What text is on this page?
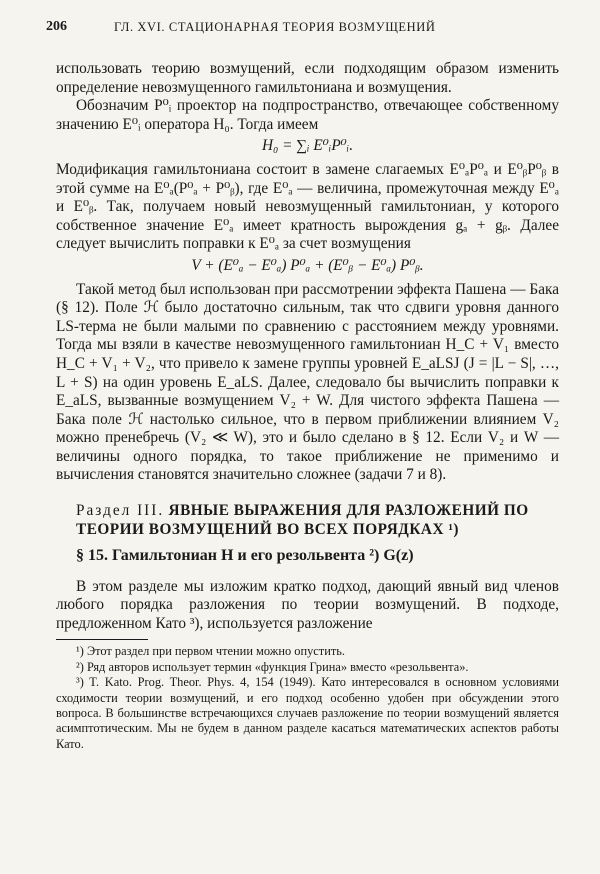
206	ГЛ. XVI. СТАЦИОНАРНАЯ ТЕОРИЯ ВОЗМУЩЕНИЙ

использовать теорию возмущений, если подходящим образом изменить определение невозмущенного гамильтониана и возмущения.

Обозначим P⁰ᵢ проектор на подпространство, отвечающее собственному значению E⁰ᵢ оператора H₀. Тогда имеем

H₀ = ∑ᵢ E⁰ᵢP⁰ᵢ.

Модификация гамильтониана состоит в замене слагаемых E⁰ₐP⁰ₐ и E⁰ᵦP⁰ᵦ в этой сумме на E⁰ₐ(P⁰ₐ + P⁰ᵦ), где E⁰ₐ — величина, промежуточная между E⁰ₐ и E⁰ᵦ. Так, получаем новый невозмущенный гамильтониан, у которого собственное значение E⁰ₐ имеет кратность вырождения gₐ + gᵦ. Далее следует вычислить поправки к E⁰ₐ за счет возмущения

V + (E⁰ₐ − E⁰ₐ) P⁰ₐ + (E⁰ᵦ − E⁰ₐ) P⁰ᵦ.

Такой метод был использован при рассмотрении эффекта Пашена — Бака (§ 12). Поле ℋ было достаточно сильным, так что сдвиги уровня данного LS-терма не были малыми по сравнению с расстоянием между уровнями. Тогда мы взяли в качестве невозмущенного гамильтониан H_C + V₁ вместо H_C + V₁ + V₂, что привело к замене группы уровней E_aLSJ (J = |L − S|, …, L + S) на один уровень E_aLS. Далее, следовало бы вычислить поправки к E_aLS, вызванные возмущением V₂ + W. Для чистого эффекта Пашена — Бака поле ℋ настолько сильное, что в первом приближении влиянием V₂ можно пренебречь (V₂ ≪ W), это и было сделано в § 12. Если V₂ и W — величины одного порядка, то такое приближение не применимо и вычисления становятся значительно сложнее (задачи 7 и 8).

Раздел III. ЯВНЫЕ ВЫРАЖЕНИЯ ДЛЯ РАЗЛОЖЕНИЙ ПО ТЕОРИИ ВОЗМУЩЕНИЙ ВО ВСЕХ ПОРЯДКАХ ¹)
§ 15. Гамильтониан H и его резольвента ²) G(z)

В этом разделе мы изложим кратко подход, дающий явный вид членов любого порядка разложения по теории возмущений. В подходе, предложенном Като ³), используется разложение

¹) Этот раздел при первом чтении можно опустить.

²) Ряд авторов использует термин «функция Грина» вместо «резольвента».

³) T. Kato. Prog. Theor. Phys. 4, 154 (1949). Като интересовался в основном условиями сходимости теории возмущений, и его подход особенно удобен при обсуждении этого вопроса. В большинстве встречающихся случаев разложение по теории возмущений является асимптотическим. Мы не будем в данном разделе касаться математических аспектов работы Като.
